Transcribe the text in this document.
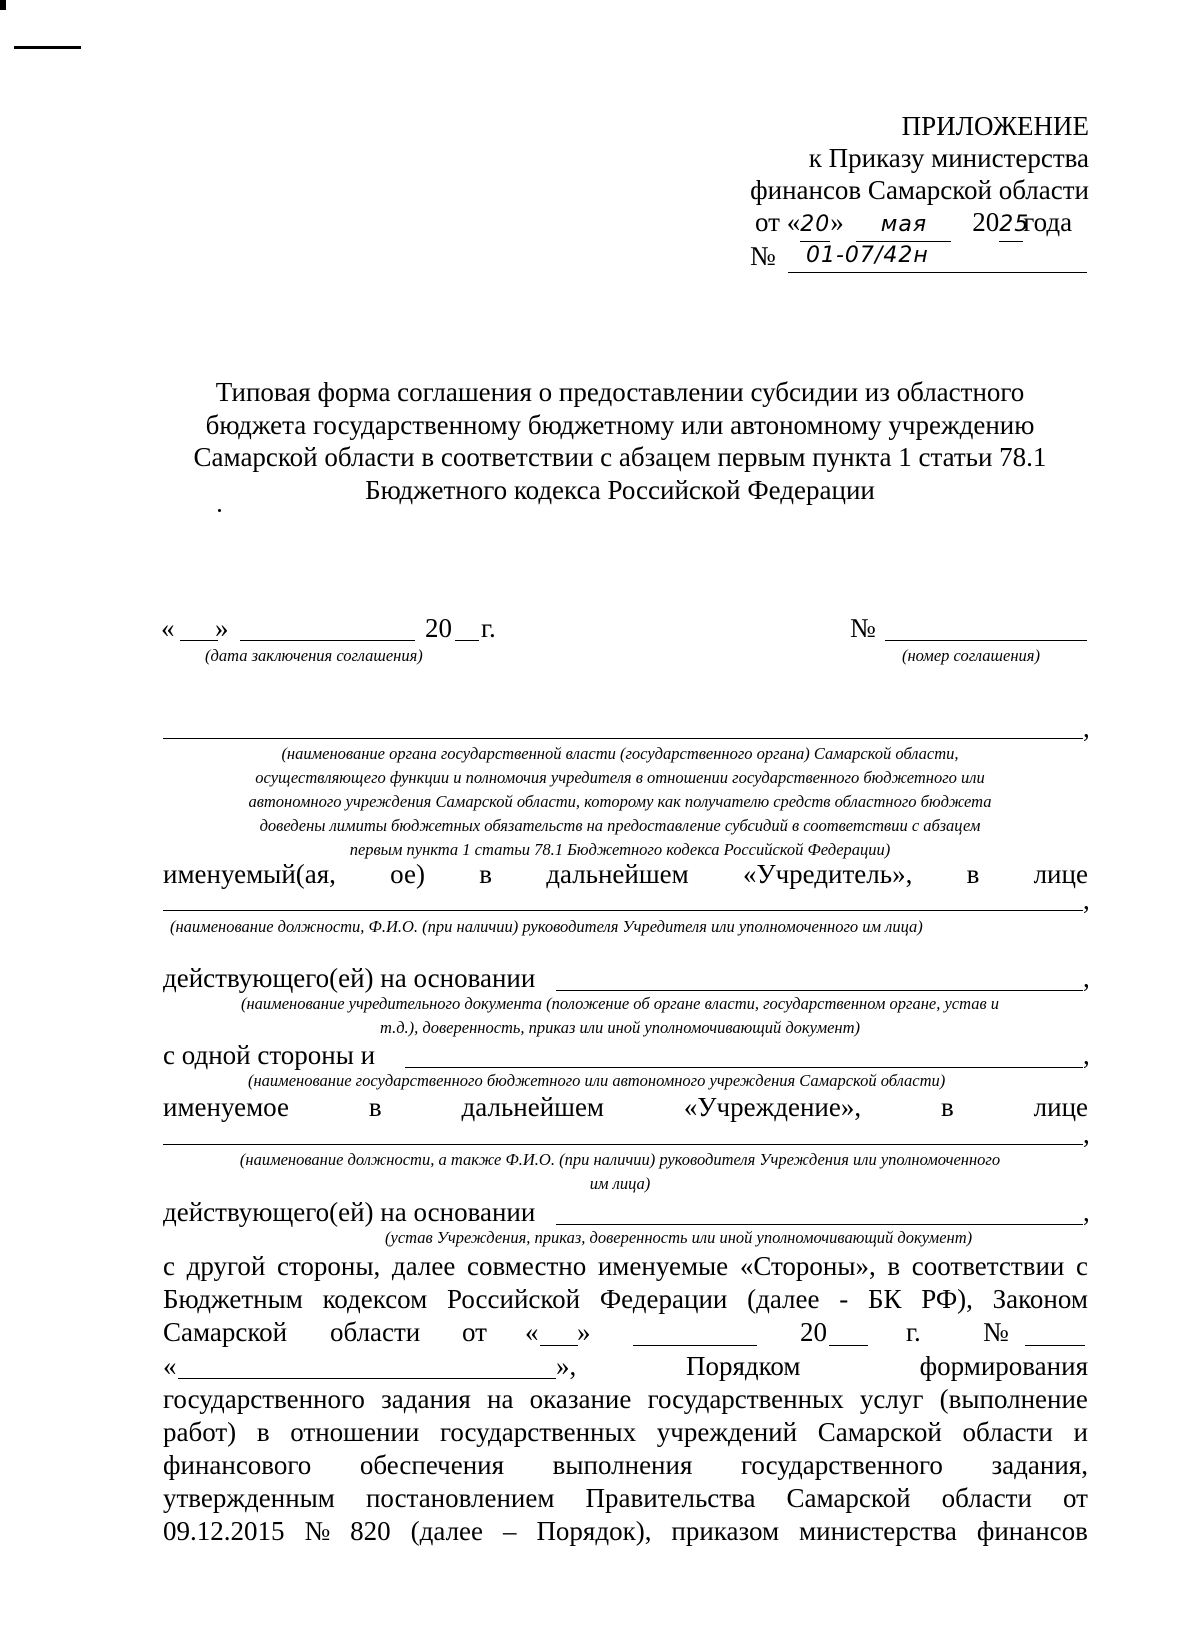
ПРИЛОЖЕНИЕ
к Приказу министерства
финансов Самарской области
от «20» мая 2025года
№ 01-07/42н
Типовая форма соглашения о предоставлении субсидии из областного
бюджета государственному бюджетному или автономному учреждению
Самарской области в соответствии с абзацем первым пункта 1 статьи 78.1
Бюджетного кодекса Российской Федерации
« »	20 г.
(дата заключения соглашения)
№
(номер соглашения)
,
(наименование органа государственной власти (государственного органа) Самарской области,
осуществляющего функции и полномочия учредителя в отношении государственного бюджетного или
автономного учреждения Самарской области, которому как получателю средств областного бюджета
доведены лимиты бюджетных обязательств на предоставление субсидий в соответствии с абзацем
первым пункта 1 статьи 78.1 Бюджетного кодекса Российской Федерации)
именуемый(ая, ое) в дальнейшем «Учредитель», в лице
,
(наименование должности, Ф.И.О. (при наличии) руководителя Учредителя или уполномоченного им лица)
действующего(ей) на основании	,
(наименование учредительного документа (положение об органе власти, государственном органе, устав и
т.д.), доверенность, приказ или иной уполномочивающий документ)
с одной стороны и	,
(наименование государственного бюджетного или автономного учреждения Самарской области)
именуемое	в	дальнейшем	«Учреждение»,	в	лице
,
(наименование должности, а также Ф.И.О. (при наличии) руководителя Учреждения или уполномоченного
им лица)
действующего(ей) на основании	,
(устав Учреждения, приказ, доверенность или иной уполномочивающий документ)
с другой стороны, далее совместно именуемые «Стороны», в соответствии с
Бюджетным кодексом Российской Федерации (далее - БК РФ), Законом
Самарской области от « »	20	г. №
«	»,	Порядком	формирования
государственного задания на оказание государственных услуг (выполнение
работ) в отношении государственных учреждений Самарской области и
финансового обеспечения выполнения государственного задания,
утвержденным постановлением Правительства Самарской области от
09.12.2015 № 820 (далее – Порядок), приказом министерства финансов
